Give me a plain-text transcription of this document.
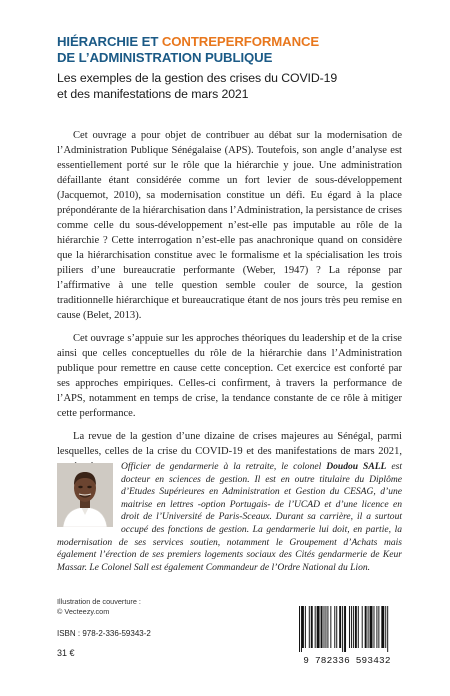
HIÉRARCHIE ET CONTREPERFORMANCE
DE L’ADMINISTRATION PUBLIQUE

Les exemples de la gestion des crises du COVID-19
et des manifestations de mars 2021

Cet ouvrage a pour objet de contribuer au débat sur la modernisation de l’Administration Publique Sénégalaise (APS). Toutefois, son angle d’analyse est essentiellement porté sur le rôle que la hiérarchie y joue. Une administration défaillante étant considérée comme un fort levier de sous-développement (Jacquemot, 2010), sa modernisation constitue un défi. Eu égard à la place prépondérante de la hiérarchisation dans l’Administration, la persistance de crises comme celle du sous-développement n’est-elle pas imputable au rôle de la hiérarchie ? Cette interrogation n’est-elle pas anachronique quand on considère que la hiérarchisation constitue avec le formalisme et la spécialisation les trois piliers d’une bureaucratie performante (Weber, 1947) ? La réponse par l’affirmative à une telle question semble couler de source, la gestion traditionnelle hiérarchique et bureaucratique étant de nos jours très peu remise en cause (Belet, 2013).

Cet ouvrage s’appuie sur les approches théoriques du leadership et de la crise ainsi que celles conceptuelles du rôle de la hiérarchie dans l’Administration publique pour remettre en cause cette conception. Cet exercice est conforté par ses approches empiriques. Celles-ci confirment, à travers la performance de l’APS, notamment en temps de crise, la tendance constante de ce rôle à mitiger cette performance.

La revue de la gestion d’une dizaine de crises majeures au Sénégal, parmi lesquelles, celles de la crise du COVID-19 et des manifestations de mars 2021,

Officier de gendarmerie à la retraite, le colonel Doudou SALL est docteur en sciences de gestion. Il est en outre titulaire du Diplôme d’Etudes Supérieures en Administration et Gestion du CESAG, d’une maitrise en lettres -option Portugais- de l’UCAD et d’une licence en droit de l’Université de Paris-Sceaux. Durant sa carrière, il a surtout occupé des fonctions de gestion. La gendarmerie lui doit, en partie, la modernisation de ses services soutien, notamment le Groupement d’Achats mais également l’érection de ses premiers logements sociaux des Cités gendarmerie de Keur Massar. Le Colonel Sall est également Commandeur de l’Ordre National du Lion.

Illustration de couverture :
© Vecteezy.com
ISBN : 978-2-336-59343-2
31 €
9 782336 593432
